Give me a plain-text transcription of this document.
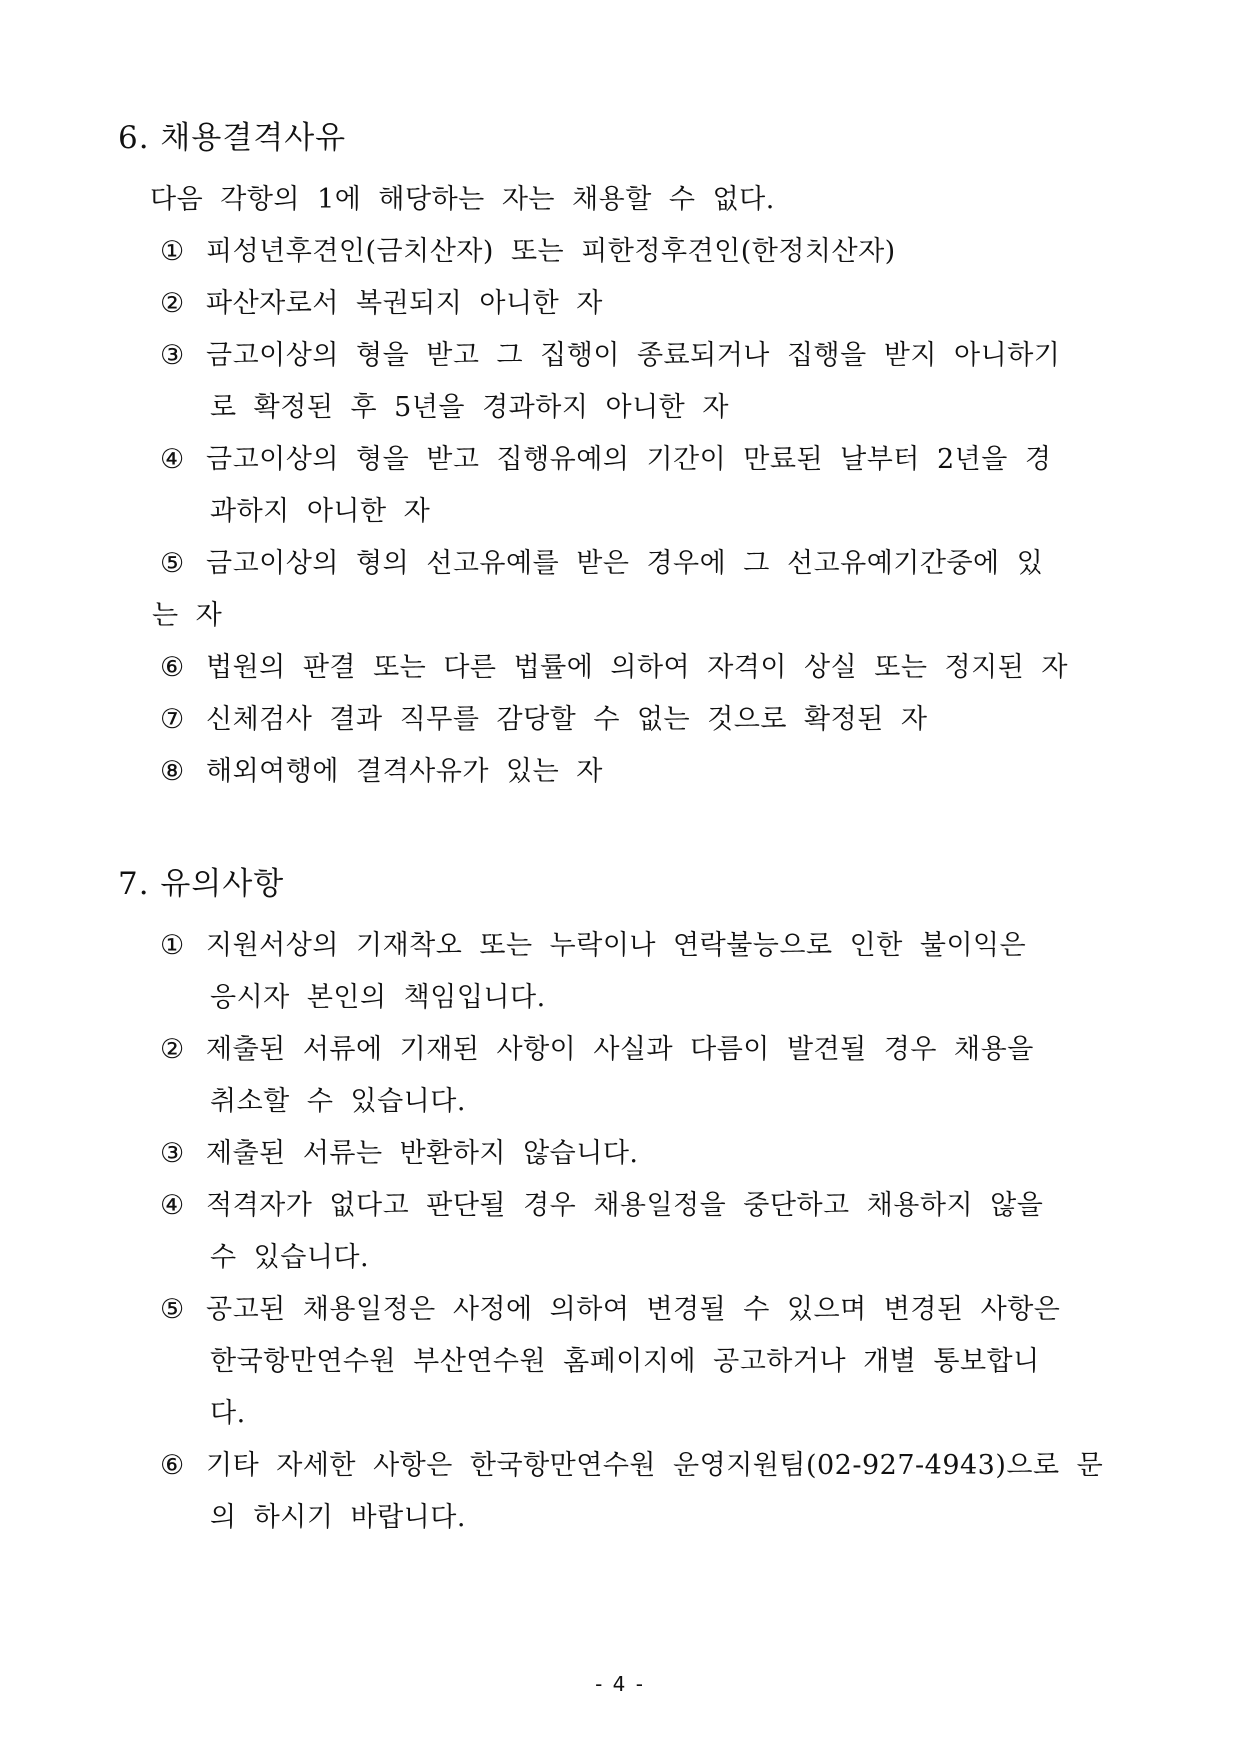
6. 채용결격사유
다음 각항의 1에 해당하는 자는 채용할 수 없다.
① 피성년후견인(금치산자) 또는 피한정후견인(한정치산자)
② 파산자로서 복권되지 아니한 자
③ 금고이상의 형을 받고 그 집행이 종료되거나 집행을 받지 아니하기
로 확정된 후 5년을 경과하지 아니한 자
④ 금고이상의 형을 받고 집행유예의 기간이 만료된 날부터 2년을 경
과하지 아니한 자
⑤ 금고이상의 형의 선고유예를 받은 경우에 그 선고유예기간중에 있
는 자
⑥ 법원의 판결 또는 다른 법률에 의하여 자격이 상실 또는 정지된 자
⑦ 신체검사 결과 직무를 감당할 수 없는 것으로 확정된 자
⑧ 해외여행에 결격사유가 있는 자
7. 유의사항
① 지원서상의 기재착오 또는 누락이나 연락불능으로 인한 불이익은
응시자 본인의 책임입니다.
② 제출된 서류에 기재된 사항이 사실과 다름이 발견될 경우 채용을
취소할 수 있습니다.
③ 제출된 서류는 반환하지 않습니다.
④ 적격자가 없다고 판단될 경우 채용일정을 중단하고 채용하지 않을
수 있습니다.
⑤ 공고된 채용일정은 사정에 의하여 변경될 수 있으며 변경된 사항은
한국항만연수원 부산연수원 홈페이지에 공고하거나 개별 통보합니
다.
⑥ 기타 자세한 사항은 한국항만연수원 운영지원팀(02-927-4943)으로 문
의 하시기 바랍니다.
- 4 -
